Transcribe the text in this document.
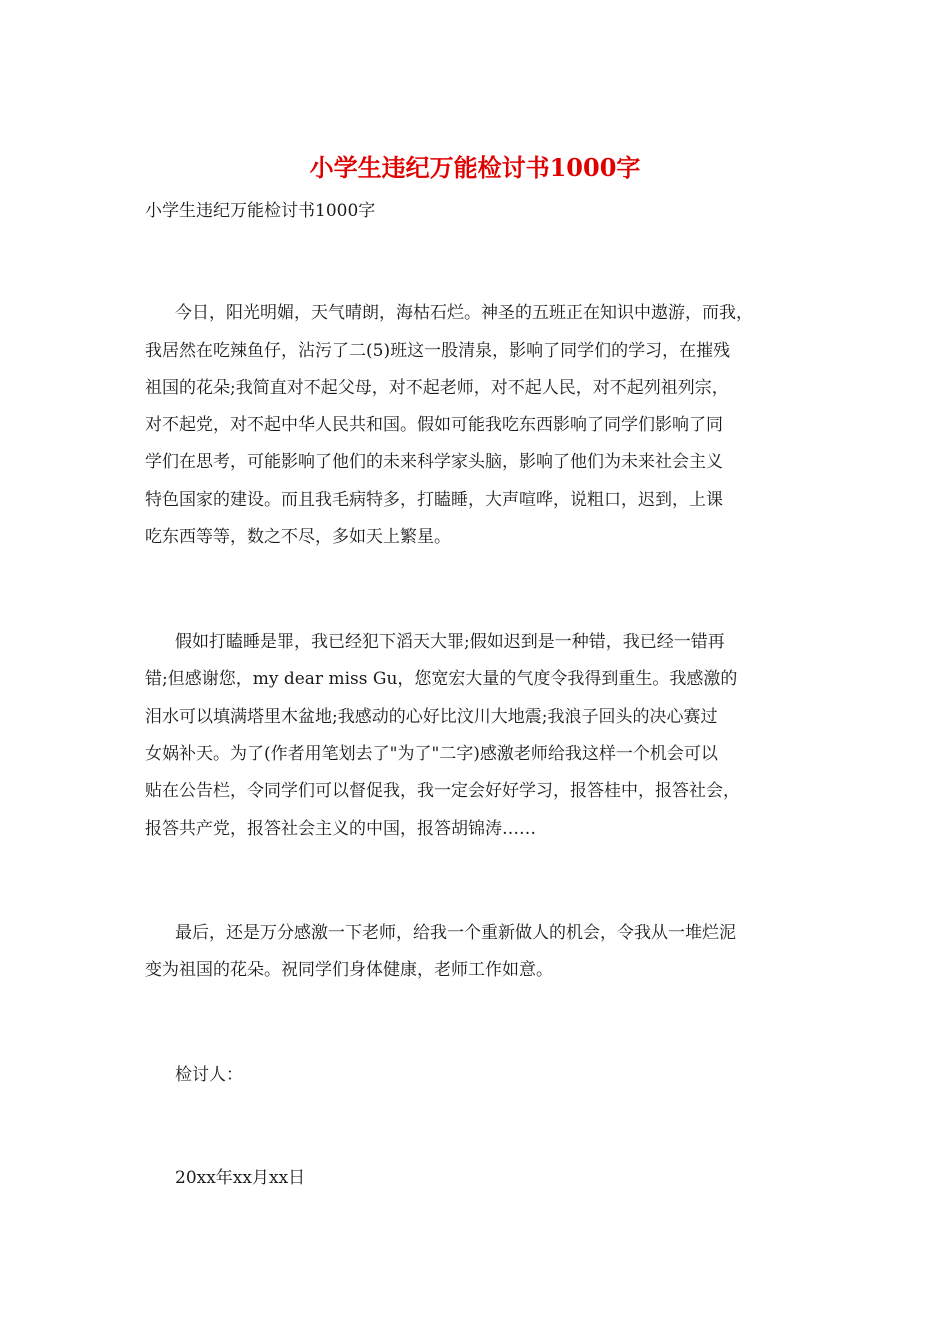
小学生违纪万能检讨书1000字
小学生违纪万能检讨书1000字
今日，阳光明媚，天气晴朗，海枯石烂。神圣的五班正在知识中遨游，而我，
我居然在吃辣鱼仔，沾污了二(5)班这一股清泉，影响了同学们的学习，在摧残
祖国的花朵;我简直对不起父母，对不起老师，对不起人民，对不起列祖列宗，
对不起党，对不起中华人民共和国。假如可能我吃东西影响了同学们影响了同
学们在思考，可能影响了他们的未来科学家头脑，影响了他们为未来社会主义
特色国家的建设。而且我毛病特多，打瞌睡，大声喧哗，说粗口，迟到，上课
吃东西等等，数之不尽，多如天上繁星。
假如打瞌睡是罪，我已经犯下滔天大罪;假如迟到是一种错，我已经一错再
错;但感谢您，my dear miss Gu，您宽宏大量的气度令我得到重生。我感激的
泪水可以填满塔里木盆地;我感动的心好比汶川大地震;我浪子回头的决心赛过
女娲补天。为了(作者用笔划去了"为了"二字)感激老师给我这样一个机会可以
贴在公告栏，令同学们可以督促我，我一定会好好学习，报答桂中，报答社会，
报答共产党，报答社会主义的中国，报答胡锦涛……
最后，还是万分感激一下老师，给我一个重新做人的机会，令我从一堆烂泥
变为祖国的花朵。祝同学们身体健康，老师工作如意。
检讨人：
20xx年xx月xx日
